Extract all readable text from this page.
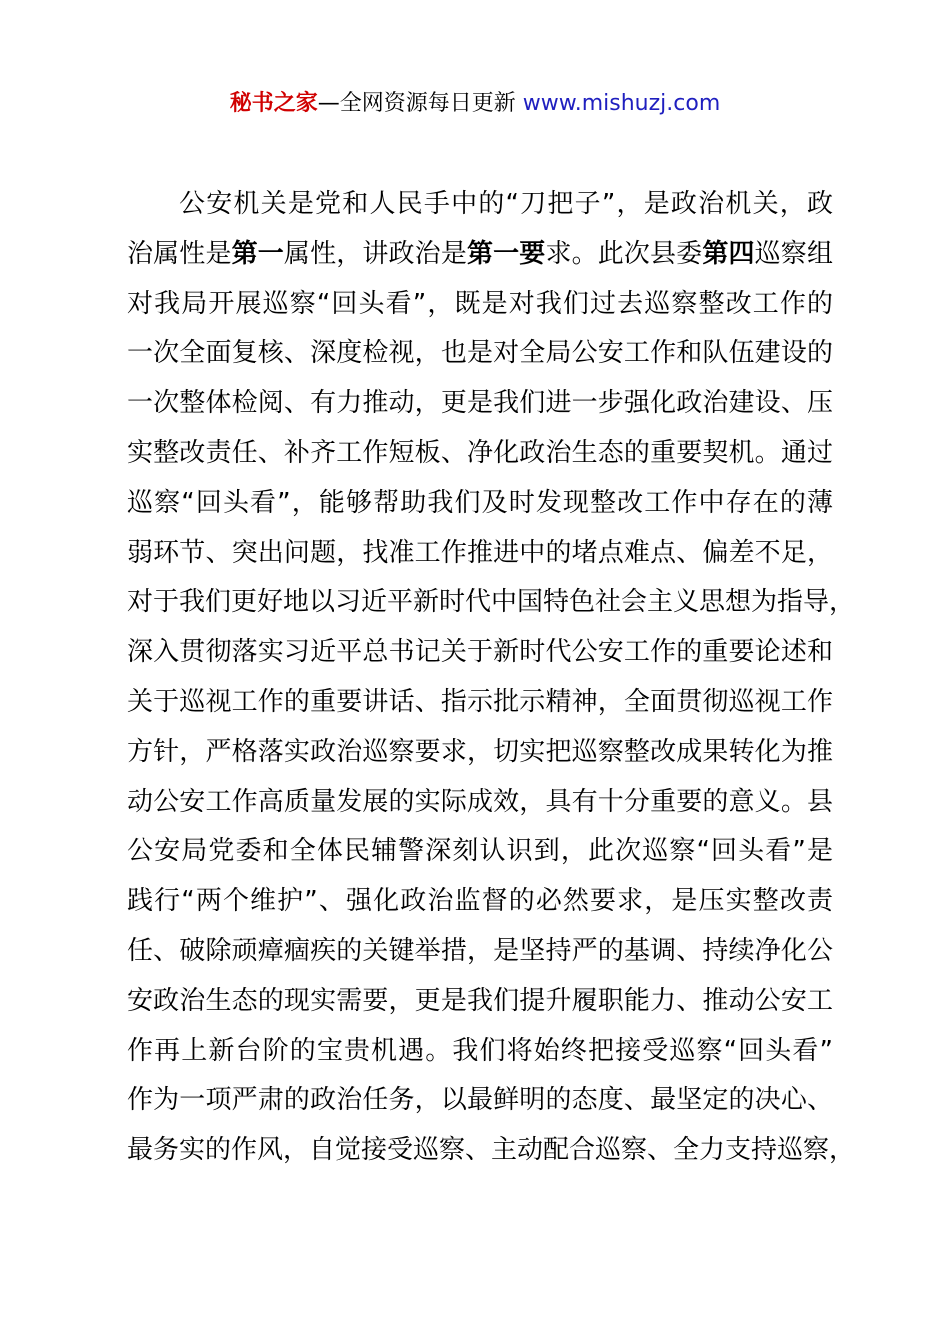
秘书之家—全网资源每日更新 www.mishuzj.com
公安机关是党和人民手中的“刀把子”，是政治机关，政
治属性是第一属性，讲政治是第一要求。此次县委第四巡察组
对我局开展巡察“回头看”，既是对我们过去巡察整改工作的
一次全面复核、深度检视，也是对全局公安工作和队伍建设的
一次整体检阅、有力推动，更是我们进一步强化政治建设、压
实整改责任、补齐工作短板、净化政治生态的重要契机。通过
巡察“回头看”，能够帮助我们及时发现整改工作中存在的薄
弱环节、突出问题，找准工作推进中的堵点难点、偏差不足，
对于我们更好地以习近平新时代中国特色社会主义思想为指导，
深入贯彻落实习近平总书记关于新时代公安工作的重要论述和
关于巡视工作的重要讲话、指示批示精神，全面贯彻巡视工作
方针，严格落实政治巡察要求，切实把巡察整改成果转化为推
动公安工作高质量发展的实际成效，具有十分重要的意义。县
公安局党委和全体民辅警深刻认识到，此次巡察“回头看”是
践行“两个维护”、强化政治监督的必然要求，是压实整改责
任、破除顽瘴痼疾的关键举措，是坚持严的基调、持续净化公
安政治生态的现实需要，更是我们提升履职能力、推动公安工
作再上新台阶的宝贵机遇。我们将始终把接受巡察“回头看”
作为一项严肃的政治任务，以最鲜明的态度、最坚定的决心、
最务实的作风，自觉接受巡察、主动配合巡察、全力支持巡察，
